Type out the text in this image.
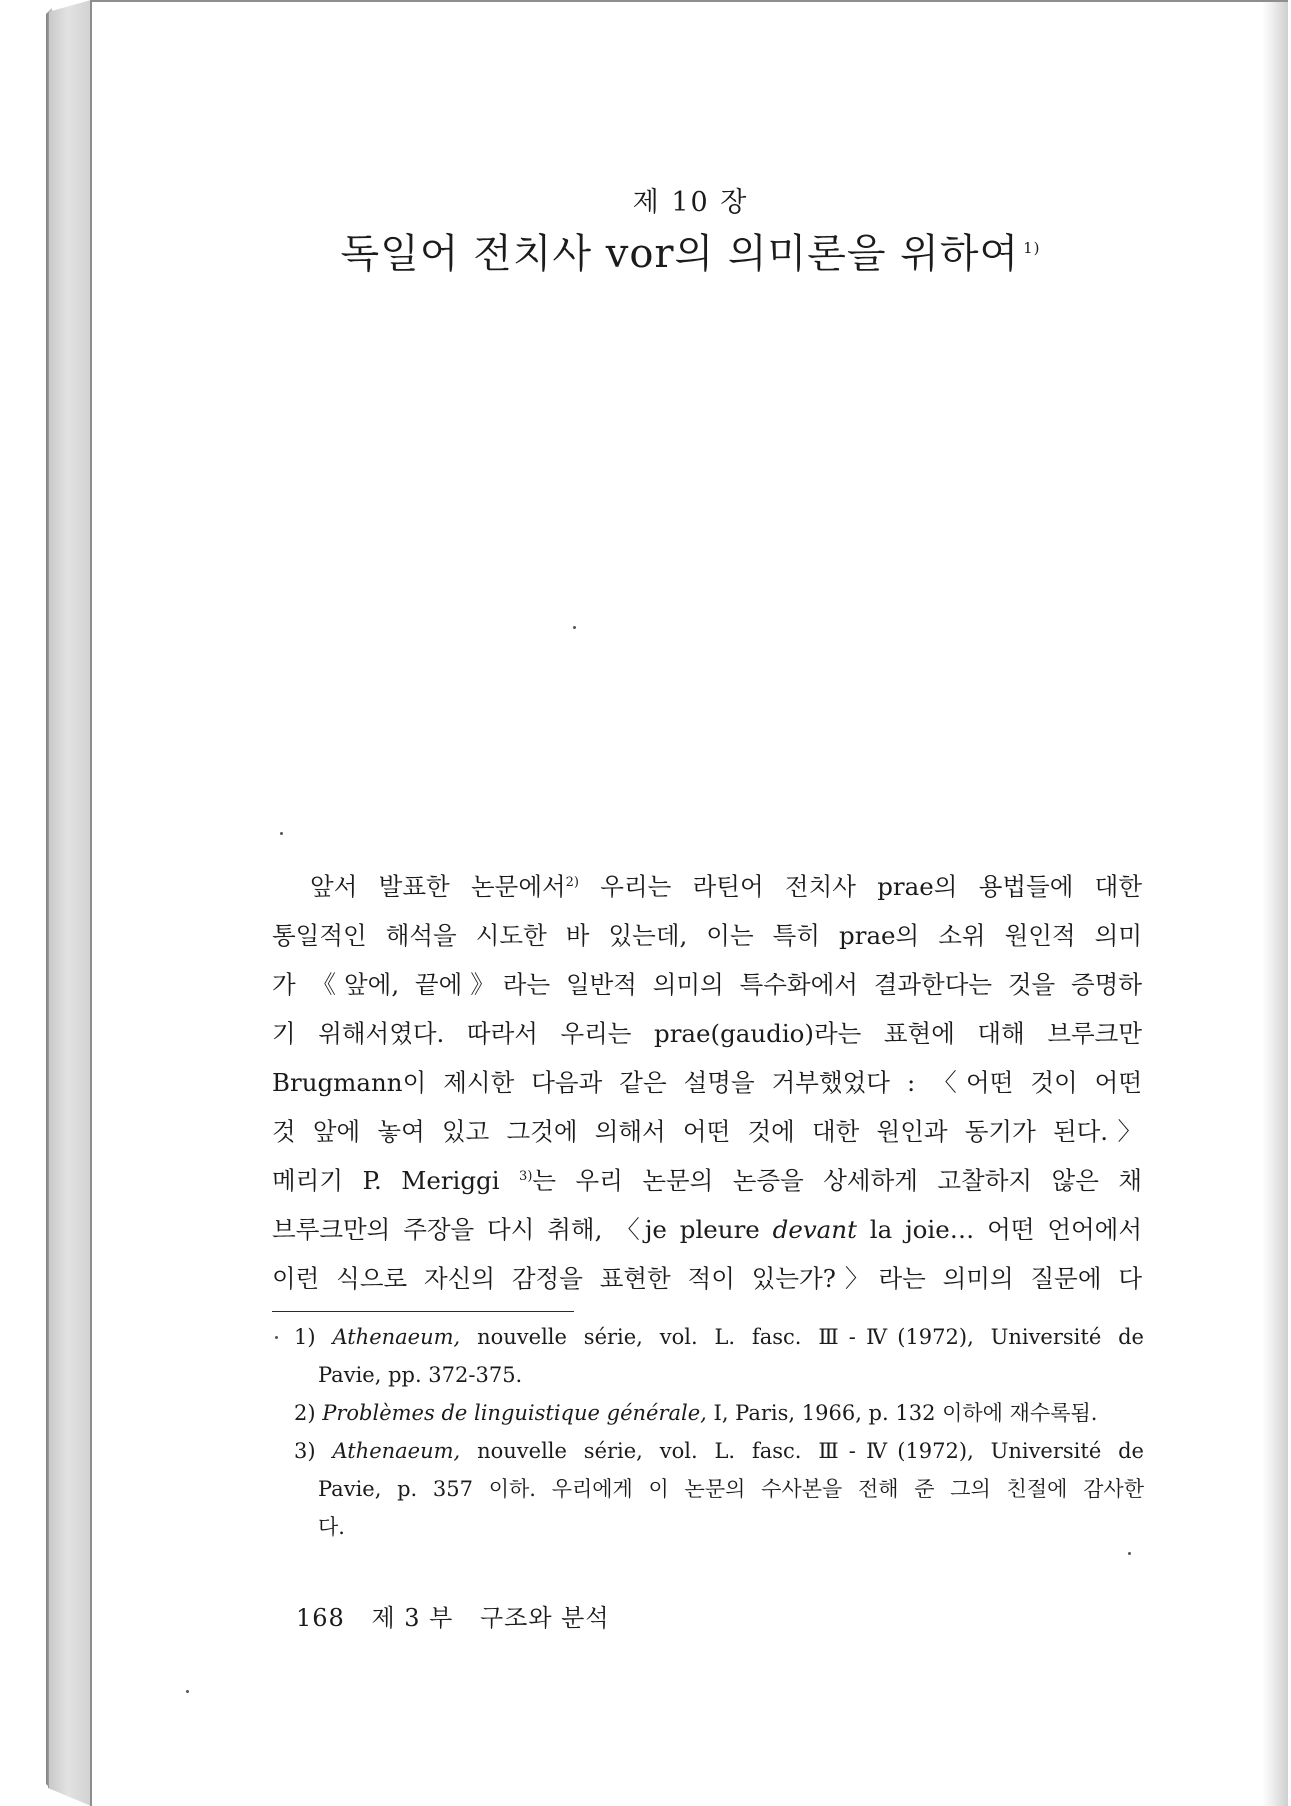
제 10 장
독일어 전치사 vor의 의미론을 위하여 $^{1)}$
　앞서 발표한 논문에서$^{2)}$ 우리는 라틴어 전치사 prae의 용법들에 대한
통일적인 해석을 시도한 바 있는데, 이는 특히 prae의 소위 원인적 의미
가 《앞에, 끝에》라는 일반적 의미의 특수화에서 결과한다는 것을 증명하
기 위해서였다. 따라서 우리는 prae(gaudio)라는 표현에 대해 브루크만
Brugmann이 제시한 다음과 같은 설명을 거부했었다 : 〈어떤 것이 어떤
것 앞에 놓여 있고 그것에 의해서 어떤 것에 대한 원인과 동기가 된다.〉
메리기 P. Meriggi $^{3)}$는 우리 논문의 논증을 상세하게 고찰하지 않은 채
브루크만의 주장을 다시 취해, 〈je pleure devant la joie… 어떤 언어에서
이런 식으로 자신의 감정을 표현한 적이 있는가?〉라는 의미의 질문에 다
1) Athenaeum, nouvelle série, vol. L. fasc. Ⅲ-Ⅳ(1972), Université de
Pavie, pp. 372-375.
2) Problèmes de linguistique générale, Ⅰ, Paris, 1966, p. 132 이하에 재수록됨.
3) Athenaeum, nouvelle série, vol. L. fasc. Ⅲ-Ⅳ(1972), Université de
Pavie, p. 357 이하. 우리에게 이 논문의 수사본을 전해 준 그의 친절에 감사한
다.
168 제 3 부 구조와 분석
